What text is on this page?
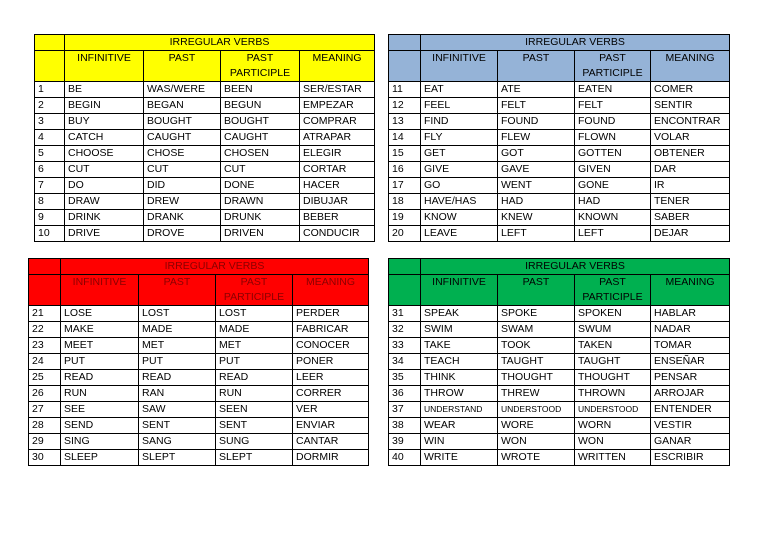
	IRREGULAR VERBS			
	INFINITIVE	PAST	PAST PARTICIPLE	MEANING
1	BE	WAS/WERE	BEEN	SER/ESTAR
2	BEGIN	BEGAN	BEGUN	EMPEZAR
3	BUY	BOUGHT	BOUGHT	COMPRAR
4	CATCH	CAUGHT	CAUGHT	ATRAPAR
5	CHOOSE	CHOSE	CHOSEN	ELEGIR
6	CUT	CUT	CUT	CORTAR
7	DO	DID	DONE	HACER
8	DRAW	DREW	DRAWN	DIBUJAR
9	DRINK	DRANK	DRUNK	BEBER
10	DRIVE	DROVE	DRIVEN	CONDUCIR
	IRREGULAR VERBS			
	INFINITIVE	PAST	PAST PARTICIPLE	MEANING
11	EAT	ATE	EATEN	COMER
12	FEEL	FELT	FELT	SENTIR
13	FIND	FOUND	FOUND	ENCONTRAR
14	FLY	FLEW	FLOWN	VOLAR
15	GET	GOT	GOTTEN	OBTENER
16	GIVE	GAVE	GIVEN	DAR
17	GO	WENT	GONE	IR
18	HAVE/HAS	HAD	HAD	TENER
19	KNOW	KNEW	KNOWN	SABER
20	LEAVE	LEFT	LEFT	DEJAR
	IRREGULAR VERBS			
	INFINITIVE	PAST	PAST PARTICIPLE	MEANING
21	LOSE	LOST	LOST	PERDER
22	MAKE	MADE	MADE	FABRICAR
23	MEET	MET	MET	CONOCER
24	PUT	PUT	PUT	PONER
25	READ	READ	READ	LEER
26	RUN	RAN	RUN	CORRER
27	SEE	SAW	SEEN	VER
28	SEND	SENT	SENT	ENVIAR
29	SING	SANG	SUNG	CANTAR
30	SLEEP	SLEPT	SLEPT	DORMIR
	IRREGULAR VERBS			
	INFINITIVE	PAST	PAST PARTICIPLE	MEANING
31	SPEAK	SPOKE	SPOKEN	HABLAR
32	SWIM	SWAM	SWUM	NADAR
33	TAKE	TOOK	TAKEN	TOMAR
34	TEACH	TAUGHT	TAUGHT	ENSEÑAR
35	THINK	THOUGHT	THOUGHT	PENSAR
36	THROW	THREW	THROWN	ARROJAR
37	UNDERSTAND	UNDERSTOOD	UNDERSTOOD	ENTENDER
38	WEAR	WORE	WORN	VESTIR
39	WIN	WON	WON	GANAR
40	WRITE	WROTE	WRITTEN	ESCRIBIR
